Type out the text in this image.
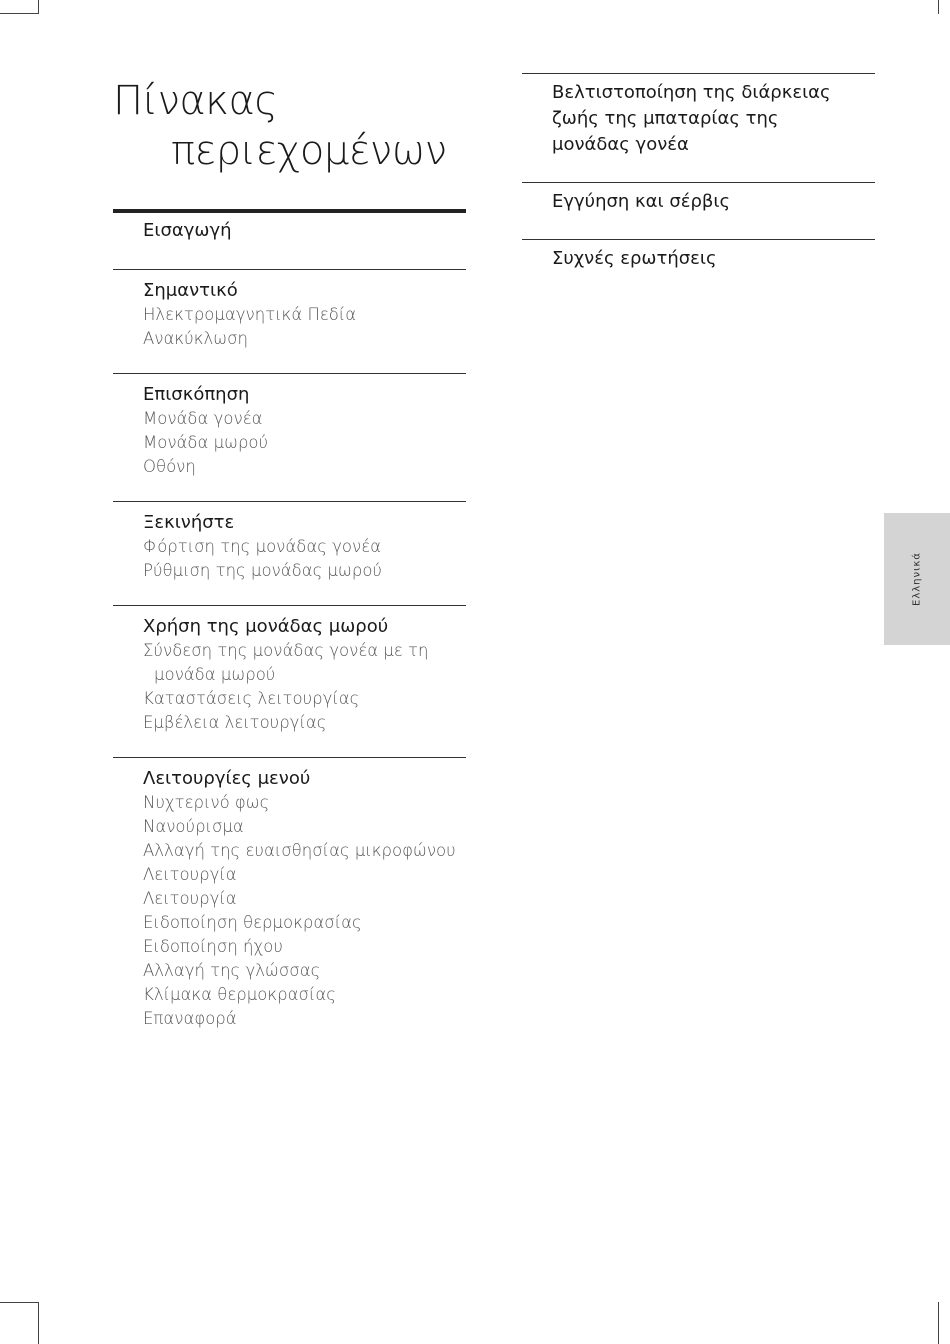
Πίνακας
περιεχομένων
Εισαγωγή
Σημαντικό
Ηλεκτρομαγνητικά Πεδία
Ανακύκλωση
Επισκόπηση
Μονάδα γονέα
Μονάδα μωρού
Οθόνη
Ξεκινήστε
Φόρτιση της μονάδας γονέα
Ρύθμιση της μονάδας μωρού
Χρήση της μονάδας μωρού
Σύνδεση της μονάδας γονέα με τη
μονάδα μωρού
Καταστάσεις λειτουργίας
Εμβέλεια λειτουργίας
Λειτουργίες μενού
Νυχτερινό φως
Νανούρισμα
Αλλαγή της ευαισθησίας μικροφώνου
Λειτουργία
Λειτουργία
Ειδοποίηση θερμοκρασίας
Ειδοποίηση ήχου
Αλλαγή της γλώσσας
Κλίμακα θερμοκρασίας
Επαναφορά
Βελτιστοποίηση της διάρκειας
ζωής της μπαταρίας της
μονάδας γονέα
Εγγύηση και σέρβις
Συχνές ερωτήσεις
Ελληνικά
